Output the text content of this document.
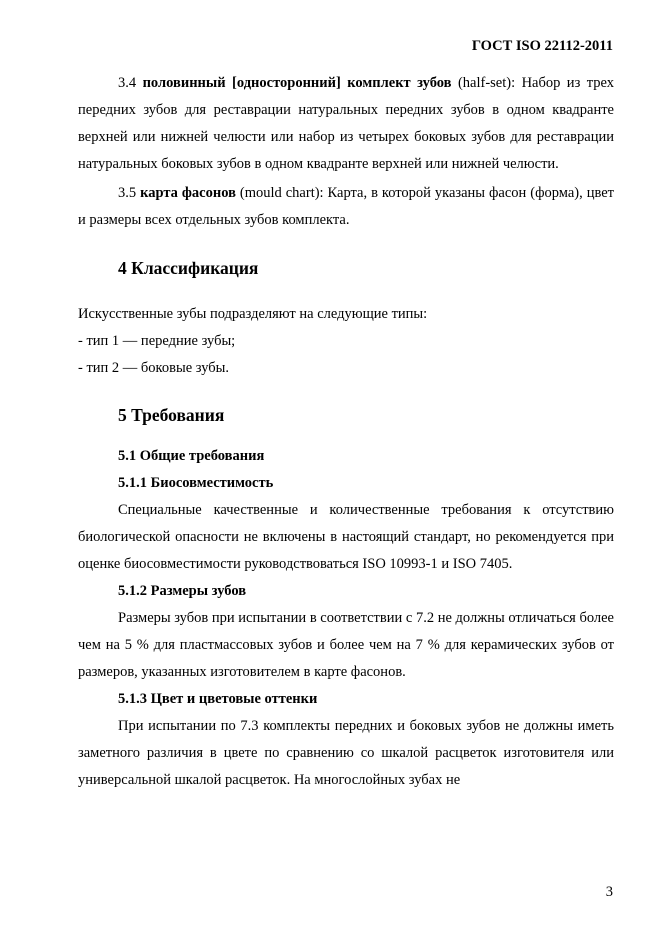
ГОСТ ISO 22112-2011

3.4 половинный [односторонний] комплект зубов (half-set): Набор из трех передних зубов для реставрации натуральных передних зубов в одном квадранте верхней или нижней челюсти или набор из четырех боковых зубов для реставрации натуральных боковых зубов в одном квадранте верхней или нижней челюсти.

3.5 карта фасонов (mould chart): Карта, в которой указаны фасон (форма), цвет и размеры всех отдельных зубов комплекта.

4 Классификация

Искусственные зубы подразделяют на следующие типы:

- тип 1 — передние зубы;

- тип 2 — боковые зубы.

5 Требования

5.1 Общие требования

5.1.1 Биосовместимость

Специальные качественные и количественные требования к отсутствию биологической опасности не включены в настоящий стандарт, но рекомендуется при оценке биосовместимости руководствоваться ISO 10993-1 и ISO 7405.

5.1.2 Размеры зубов

Размеры зубов при испытании в соответствии с 7.2 не должны отличаться более чем на 5 % для пластмассовых зубов и более чем на 7 % для керамических зубов от размеров, указанных изготовителем в карте фасонов.

5.1.3 Цвет и цветовые оттенки

При испытании по 7.3 комплекты передних и боковых зубов не должны иметь заметного различия в цвете по сравнению со шкалой расцветок изготовителя или универсальной шкалой расцветок. На многослойных зубах не

3
